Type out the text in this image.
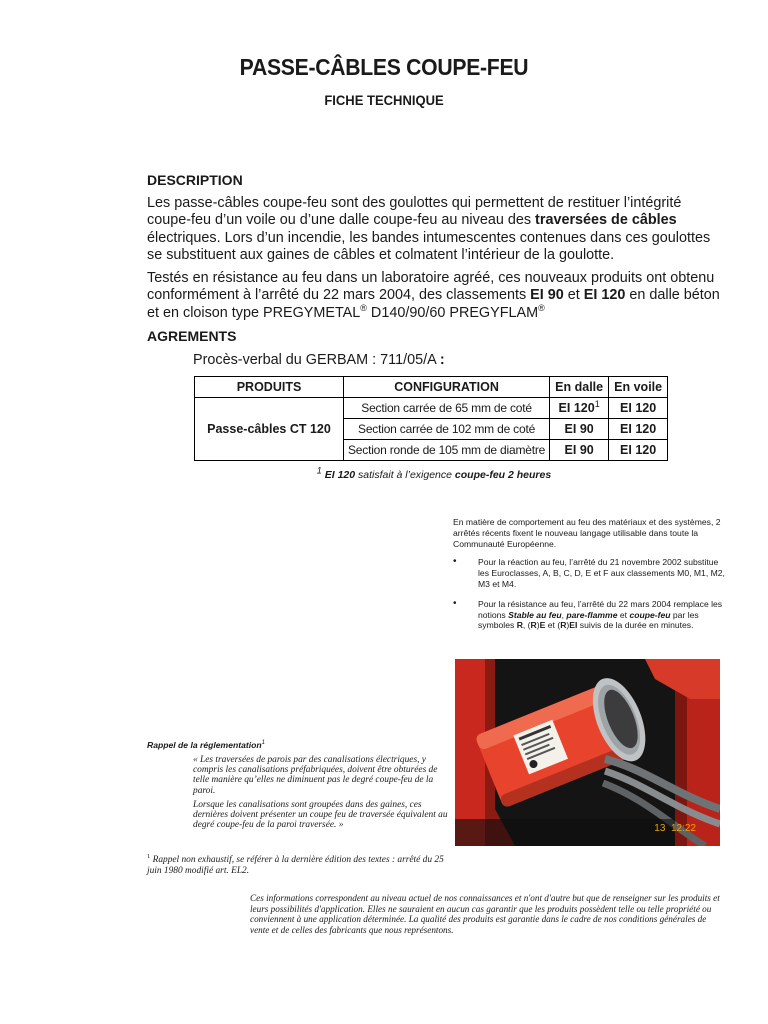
PASSE-CÂBLES COUPE-FEU
FICHE TECHNIQUE
DESCRIPTION

Les passe-câbles coupe-feu sont des goulottes qui permettent de restituer l’intégrité coupe-feu d’un voile ou d’une dalle coupe-feu au niveau des traversées de câbles électriques. Lors d’un incendie, les bandes intumescentes contenues dans ces goulottes se substituent aux gaines de câbles et colmatent l’intérieur de la goulotte.

Testés en résistance au feu dans un laboratoire agréé, ces nouveaux produits ont obtenu conformément à l’arrêté du 22 mars 2004, des classements EI 90 et EI 120 en dalle béton et en cloison type PREGYMETAL® D140/90/60 PREGYFLAM®

AGREMENTS
Procès-verbal du GERBAM : 711/05/A :
PRODUITS	CONFIGURATION	En dalle	En voile
Passe-câbles CT 120	Section carrée de 65 mm de coté	EI $120^1$	EI 120
	Section carrée de 102 mm de coté	EI 90	EI 120
	Section ronde de 105 mm de diamètre	EI 90	EI 120
$^1$ EI 120 satisfait à l’exigence coupe-feu 2 heures

En matière de comportement au feu des matériaux et des systèmes, 2 arrêtés récents fixent le nouveau langage utilisable dans toute la Communauté Européenne.

• Pour la réaction au feu, l’arrêté du 21 novembre 2002 substitue les Euroclasses, A, B, C, D, E et F aux classements M0, M1, M2, M3 et M4.
• Pour la résistance au feu, l’arrêté du 22 mars 2004 remplace les notions Stable au feu, pare-flamme et coupe-feu par les symboles R, (R)E et (R)EI suivis de la durée en minutes.
13  12:22
Rappel de la réglementation$^1$

« Les traversées de parois par des canalisations électriques, y compris les canalisations préfabriquées, doivent être obturées de telle manière qu’elles ne diminuent pas le degré coupe-feu de la paroi.

Lorsque les canalisations sont groupées dans des gaines, ces dernières doivent présenter un coupe feu de traversée équivalent au degré coupe-feu de la paroi traversée. »

$^1$ Rappel non exhaustif, se référer à la dernière édition des textes : arrêté du 25 juin 1980 modifié art. EL2.
Ces informations correspondent au niveau actuel de nos connaissances et n'ont d'autre but que de renseigner sur les produits et leurs possibilités d'application. Elles ne sauraient en aucun cas garantir que les produits possèdent telle ou telle propriété ou conviennent à une application déterminée. La qualité des produits est garantie dans le cadre de nos conditions générales de vente et de celles des fabricants que nous représentons.
